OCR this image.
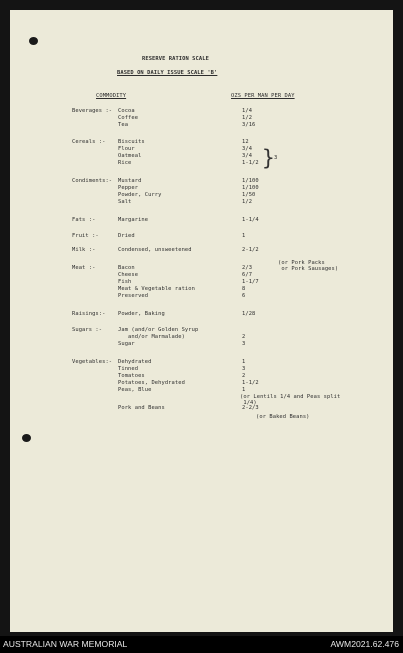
RESERVE RATION SCALE
BASED ON DAILY ISSUE SCALE 'B'
COMMODITY	OZS PER MAN PER DAY
Beverages :- Cocoa	1/4
Coffee	1/2
Tea	3/16
Cereals :- Biscuits	12
Flour	3/4
Oatmeal	3/4
Rice	1-1/2
Condiments:- Mustard	1/100
Pepper	1/100
Powder, Curry	1/50
Salt	1/2
Fats :-	Margarine	1-1/4
Fruit :-	Dried	1
Milk :-	Condensed, unsweetened	2-1/2
Meat :-	Bacon	2/3
Cheese	6/7
Fish	1-1/7
Meat & Vegetable ration	8
Preserved	6
Raisings:- Powder, Baking	1/28
Sugars :-	Jam (and/or Golden Syrup
and/or Marmalade)	2
Sugar	3
Vegetables:- Dehydrated	1
Tinned	3
Tomatoes	2
Potatoes, Dehydrated	1-1/2
Peas, Blue	1
Pork and Beans	2-2/3
} 3
(or Pork Packs
or Pork Sausages)
(or Lentils 1/4 and Peas split
1/4)
(or Baked Beans)
AUSTRALIAN WAR MEMORIAL	AWM2021.62.476
